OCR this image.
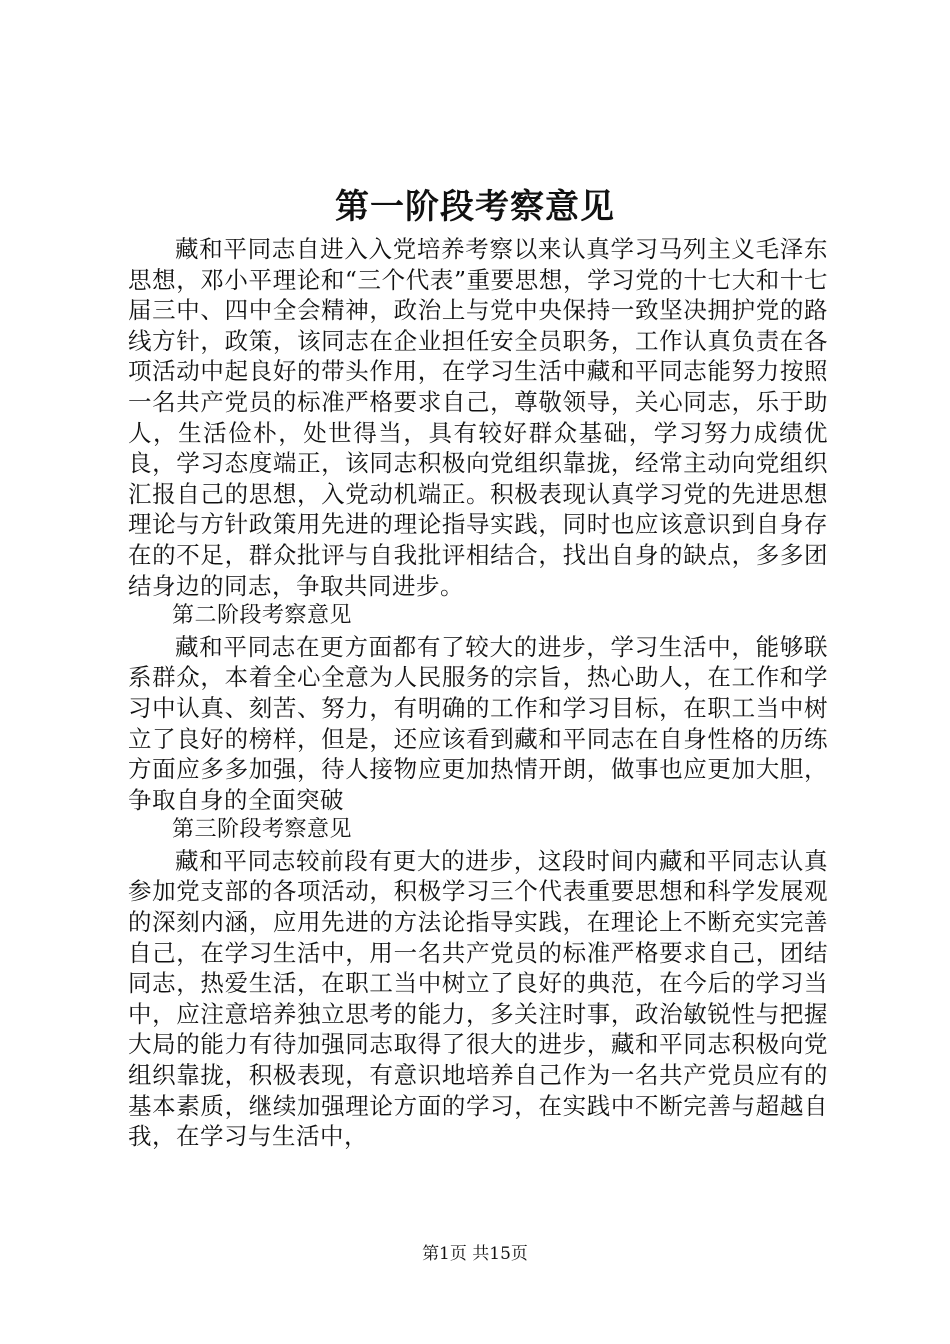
第一阶段考察意见

藏和平同志自进入入党培养考察以来认真学习马列主义毛泽东思想，邓小平理论和“三个代表”重要思想，学习党的十七大和十七届三中、四中全会精神，政治上与党中央保持一致坚决拥护党的路线方针，政策，该同志在企业担任安全员职务，工作认真负责在各项活动中起良好的带头作用，在学习生活中藏和平同志能努力按照一名共产党员的标准严格要求自己，尊敬领导，关心同志，乐于助人，生活俭朴，处世得当，具有较好群众基础，学习努力成绩优良，学习态度端正，该同志积极向党组织靠拢，经常主动向党组织汇报自己的思想，入党动机端正。积极表现认真学习党的先进思想理论与方针政策用先进的理论指导实践，同时也应该意识到自身存在的不足，群众批评与自我批评相结合，找出自身的缺点，多多团结身边的同志，争取共同进步。

第二阶段考察意见

藏和平同志在更方面都有了较大的进步，学习生活中，能够联系群众，本着全心全意为人民服务的宗旨，热心助人，在工作和学习中认真、刻苦、努力，有明确的工作和学习目标，在职工当中树立了良好的榜样，但是，还应该看到藏和平同志在自身性格的历练方面应多多加强，待人接物应更加热情开朗，做事也应更加大胆，争取自身的全面突破

第三阶段考察意见

藏和平同志较前段有更大的进步，这段时间内藏和平同志认真参加党支部的各项活动，积极学习三个代表重要思想和科学发展观的深刻内涵，应用先进的方法论指导实践，在理论上不断充实完善自己，在学习生活中，用一名共产党员的标准严格要求自己，团结同志，热爱生活，在职工当中树立了良好的典范，在今后的学习当中，应注意培养独立思考的能力，多关注时事，政治敏锐性与把握大局的能力有待加强同志取得了很大的进步，藏和平同志积极向党组织靠拢，积极表现，有意识地培养自己作为一名共产党员应有的基本素质，继续加强理论方面的学习，在实践中不断完善与超越自我，在学习与生活中，

第1页 共15页
